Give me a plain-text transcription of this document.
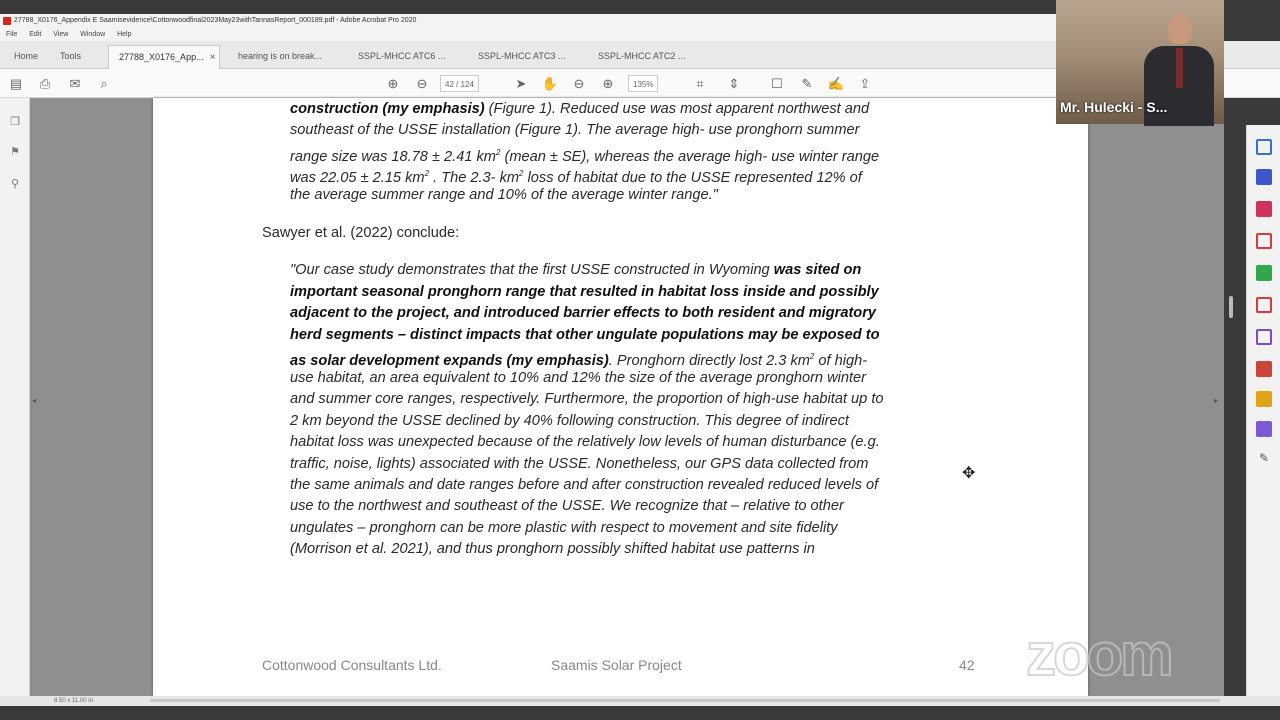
27788_X0176_Appendix E Saamisevidence\Cottonwoodfinal2023May23withTannasReport_000189.pdf - Adobe Acrobat Pro 2020
File Edit View Window Help
Home	Tools	27788_X0176_App... ×	hearing is on break...	SSPL-MHCC ATC6 ...	SSPL-MHCC ATC3 ...	SSPL-MHCC ATC2 ...
▤	⎙	✉	⌕	⊕	⊖	42 / 124	➤	✋	⊖	⊕	135%	⌗	⇕	☐	✎	✍	⇪
❐
⚑
⚲
◂	▸
construction (my emphasis) (Figure 1). Reduced use was most apparent northwest and
southeast of the USSE installation (Figure 1). The average high- use pronghorn summer
range size was 18.78 ± 2.41 $km^2$ (mean ± SE), whereas the average high- use winter range
was 22.05 ± 2.15 $km^2$ . The 2.3- $km^2$ loss of habitat due to the USSE represented 12% of
the average summer range and 10% of the average winter range."
Sawyer et al. (2022) conclude:
"Our case study demonstrates that the first USSE constructed in Wyoming was sited on
important seasonal pronghorn range that resulted in habitat loss inside and possibly
adjacent to the project, and introduced barrier effects to both resident and migratory
herd segments – distinct impacts that other ungulate populations may be exposed to
as solar development expands (my emphasis). Pronghorn directly lost 2.3 $km^2$ of high-
use habitat, an area equivalent to 10% and 12% the size of the average pronghorn winter
and summer core ranges, respectively. Furthermore, the proportion of high-use habitat up to
2 km beyond the USSE declined by 40% following construction. This degree of indirect
habitat loss was unexpected because of the relatively low levels of human disturbance (e.g.
traffic, noise, lights) associated with the USSE. Nonetheless, our GPS data collected from
the same animals and date ranges before and after construction revealed reduced levels of
use to the northwest and southeast of the USSE. We recognize that – relative to other
ungulates – pronghorn can be more plastic with respect to movement and site fidelity
(Morrison et al. 2021), and thus pronghorn possibly shifted habitat use patterns in
Cottonwood Consultants Ltd.	Saamis Solar Project	42
✎
8.50 x 11.00 in
Mr. Hulecki - S...
zoom
✥
